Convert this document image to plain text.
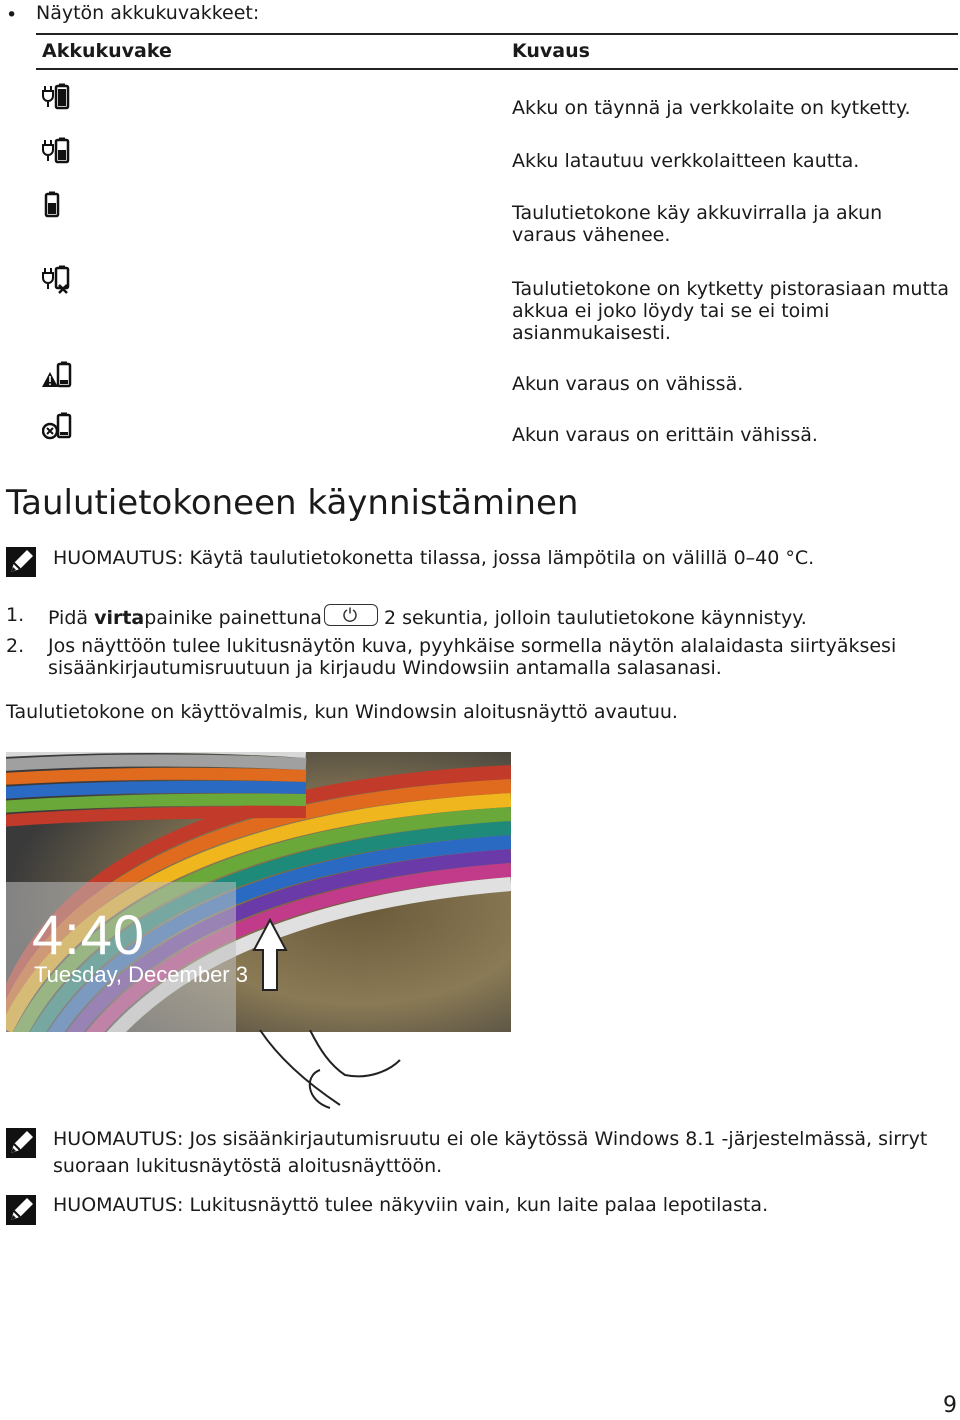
• Näytön akkukuvakkeet:
Akkukuvake	Kuvaus
Akku on täynnä ja verkkolaite on kytketty.
Akku latautuu verkkolaitteen kautta.
Taulutietokone käy akkuvirralla ja akun varaus vähenee.
Taulutietokone on kytketty pistorasiaan mutta akkua ei joko löydy tai se ei toimi asianmukaisesti.
Akun varaus on vähissä.
Akun varaus on erittäin vähissä.
Taulutietokoneen käynnistäminen
HUOMAUTUS: Käytä taulutietokonetta tilassa, jossa lämpötila on välillä 0–40 °C.
1. Pidä virtapainike painettuna	2 sekuntia, jolloin taulutietokone käynnistyy.
2. Jos näyttöön tulee lukitusnäytön kuva, pyyhkäise sormella näytön alalaidasta siirtyäksesi sisäänkirjautumisruutuun ja kirjaudu Windowsiin antamalla salasanasi.
Taulutietokone on käyttövalmis, kun Windowsin aloitusnäyttö avautuu.
4:40
Tuesday, December 3
HUOMAUTUS: Jos sisäänkirjautumisruutu ei ole käytössä Windows 8.1 -järjestelmässä, sirryt suoraan lukitusnäytöstä aloitusnäyttöön.
HUOMAUTUS: Lukitusnäyttö tulee näkyviin vain, kun laite palaa lepotilasta.
9
